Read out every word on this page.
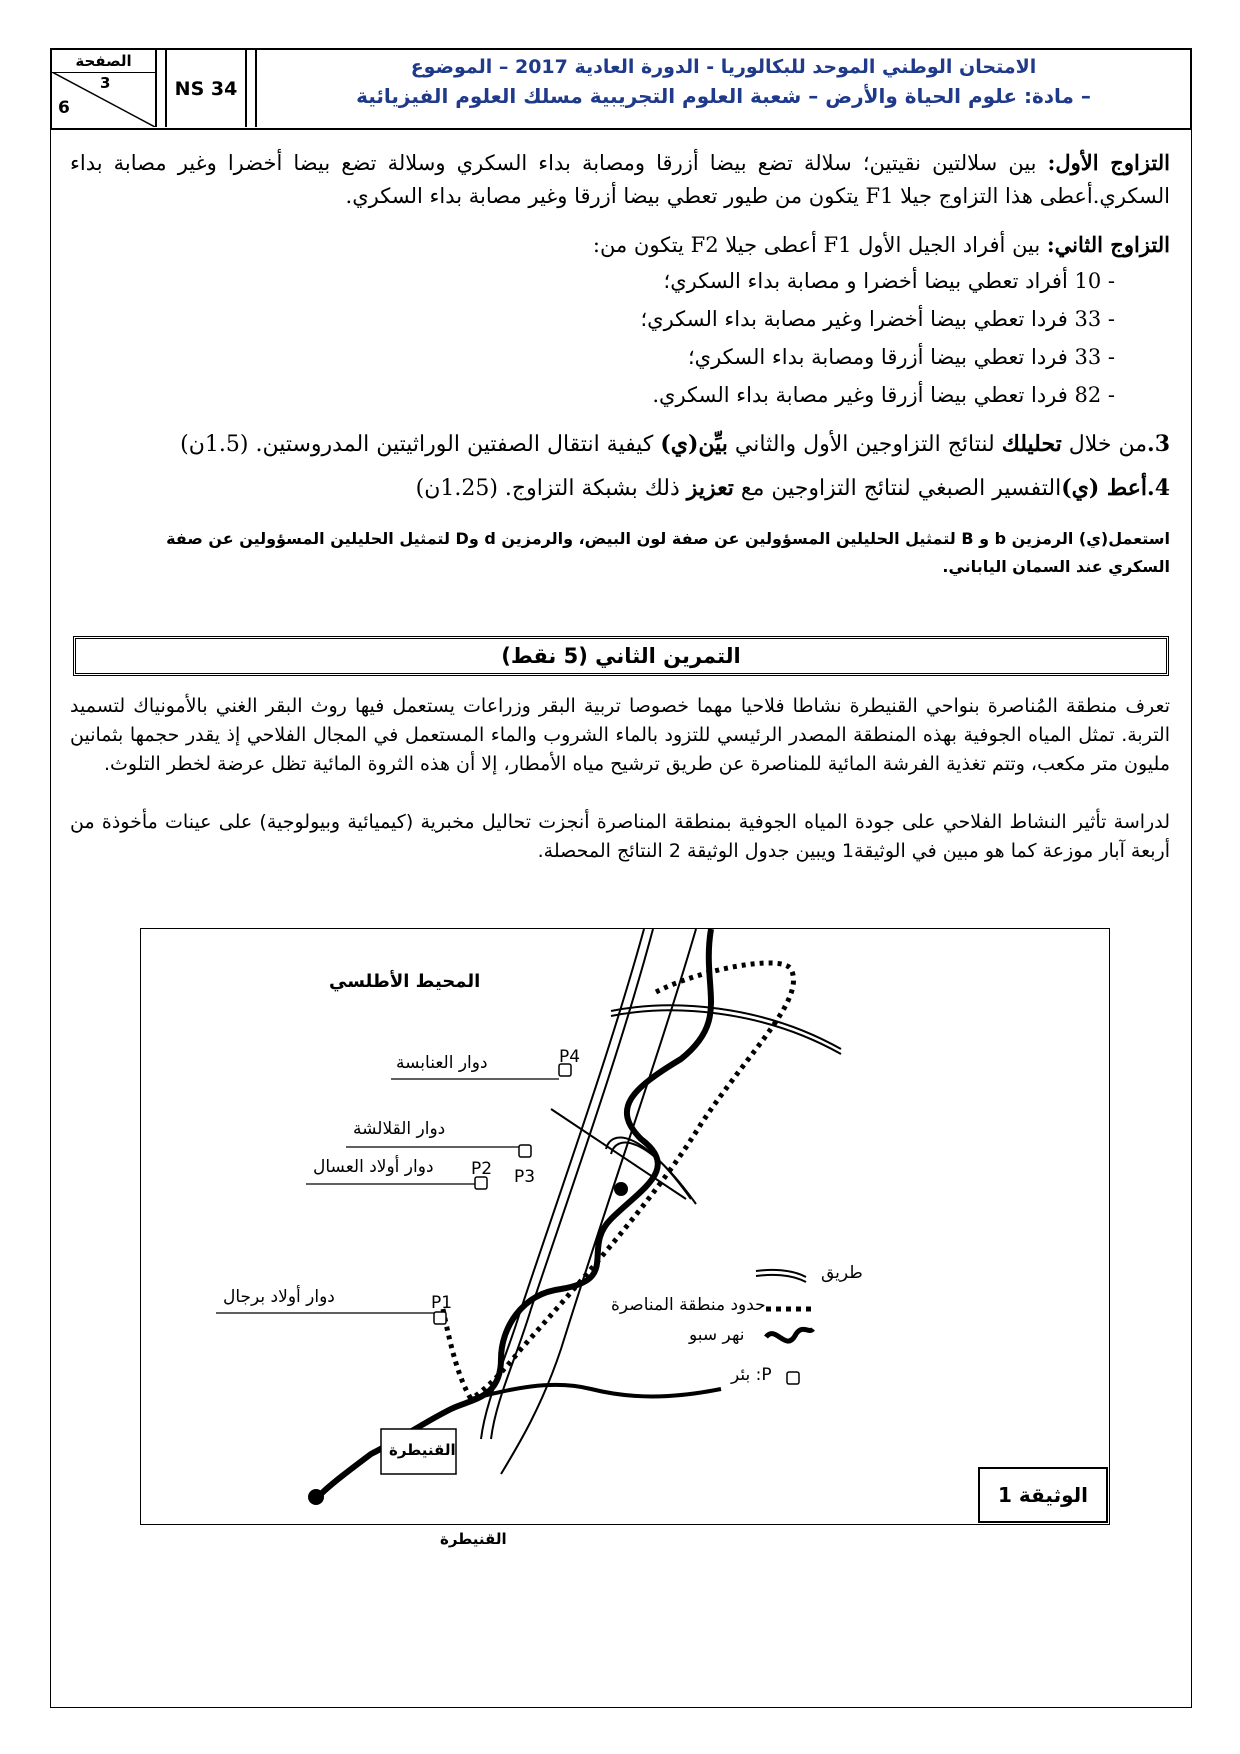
الصفحة
3
6
NS 34
الامتحان الوطني الموحد للبكالوريا - الدورة العادية 2017 – الموضوع
– مادة: علوم الحياة والأرض – شعبة العلوم التجريبية مسلك العلوم الفيزيائية
التزاوج الأول: بين سلالتين نقيتين؛ سلالة تضع بيضا أزرقا ومصابة بداء السكري وسلالة تضع بيضا أخضرا وغير مصابة بداء السكري.أعطى هذا التزاوج جيلا F1 يتكون من طيور تعطي بيضا أزرقا وغير مصابة بداء السكري.
التزاوج الثاني: بين أفراد الجيل الأول F1 أعطى جيلا F2 يتكون من:
- 10 أفراد تعطي بيضا أخضرا و مصابة بداء السكري؛
- 33 فردا تعطي بيضا أخضرا وغير مصابة بداء السكري؛
- 33 فردا تعطي بيضا أزرقا ومصابة بداء السكري؛
- 82 فردا تعطي بيضا أزرقا وغير مصابة بداء السكري.
3.من خلال تحليلك لنتائج التزاوجين الأول والثاني بيِّن(ي) كيفية انتقال الصفتين الوراثيتين المدروستين. (1.5ن)
4.أعط (ي)التفسير الصبغي لنتائج التزاوجين مع تعزيز ذلك بشبكة التزاوج. (1.25ن)
استعمل(ي) الرمزين b و B لتمثيل الحليلين المسؤولين عن صفة لون البيض، والرمزين d وD لتمثيل الحليلين المسؤولين عن صفة السكري عند السمان الياباني.
التمرين الثاني (5 نقط)
تعرف منطقة المُناصرة بنواحي القنيطرة نشاطا فلاحيا مهما خصوصا تربية البقر وزراعات يستعمل فيها روث البقر الغني بالأمونياك لتسميد التربة. تمثل المياه الجوفية بهذه المنطقة المصدر الرئيسي للتزود بالماء الشروب والماء المستعمل في المجال الفلاحي إذ يقدر حجمها بثمانين مليون متر مكعب، وتتم تغذية الفرشة المائية للمناصرة عن طريق ترشيح مياه الأمطار، إلا أن هذه الثروة المائية تظل عرضة لخطر التلوث.
لدراسة تأثير النشاط الفلاحي على جودة المياه الجوفية بمنطقة المناصرة أنجزت تحاليل مخبرية (كيميائية وبيولوجية) على عينات مأخوذة من أربعة آبار موزعة كما هو مبين في الوثيقة1 ويبين جدول الوثيقة 2 النتائج المحصلة.
المحيط الأطلسي
دوار العنابسة
دوار القلالشة
دوار أولاد العسال
دوار أولاد برجال
P4
P3
P2
P1
القنيطرة
طريق
حدود منطقة المناصرة
نهر سبو
P: بئر
الوثيقة 1
القنيطرة
